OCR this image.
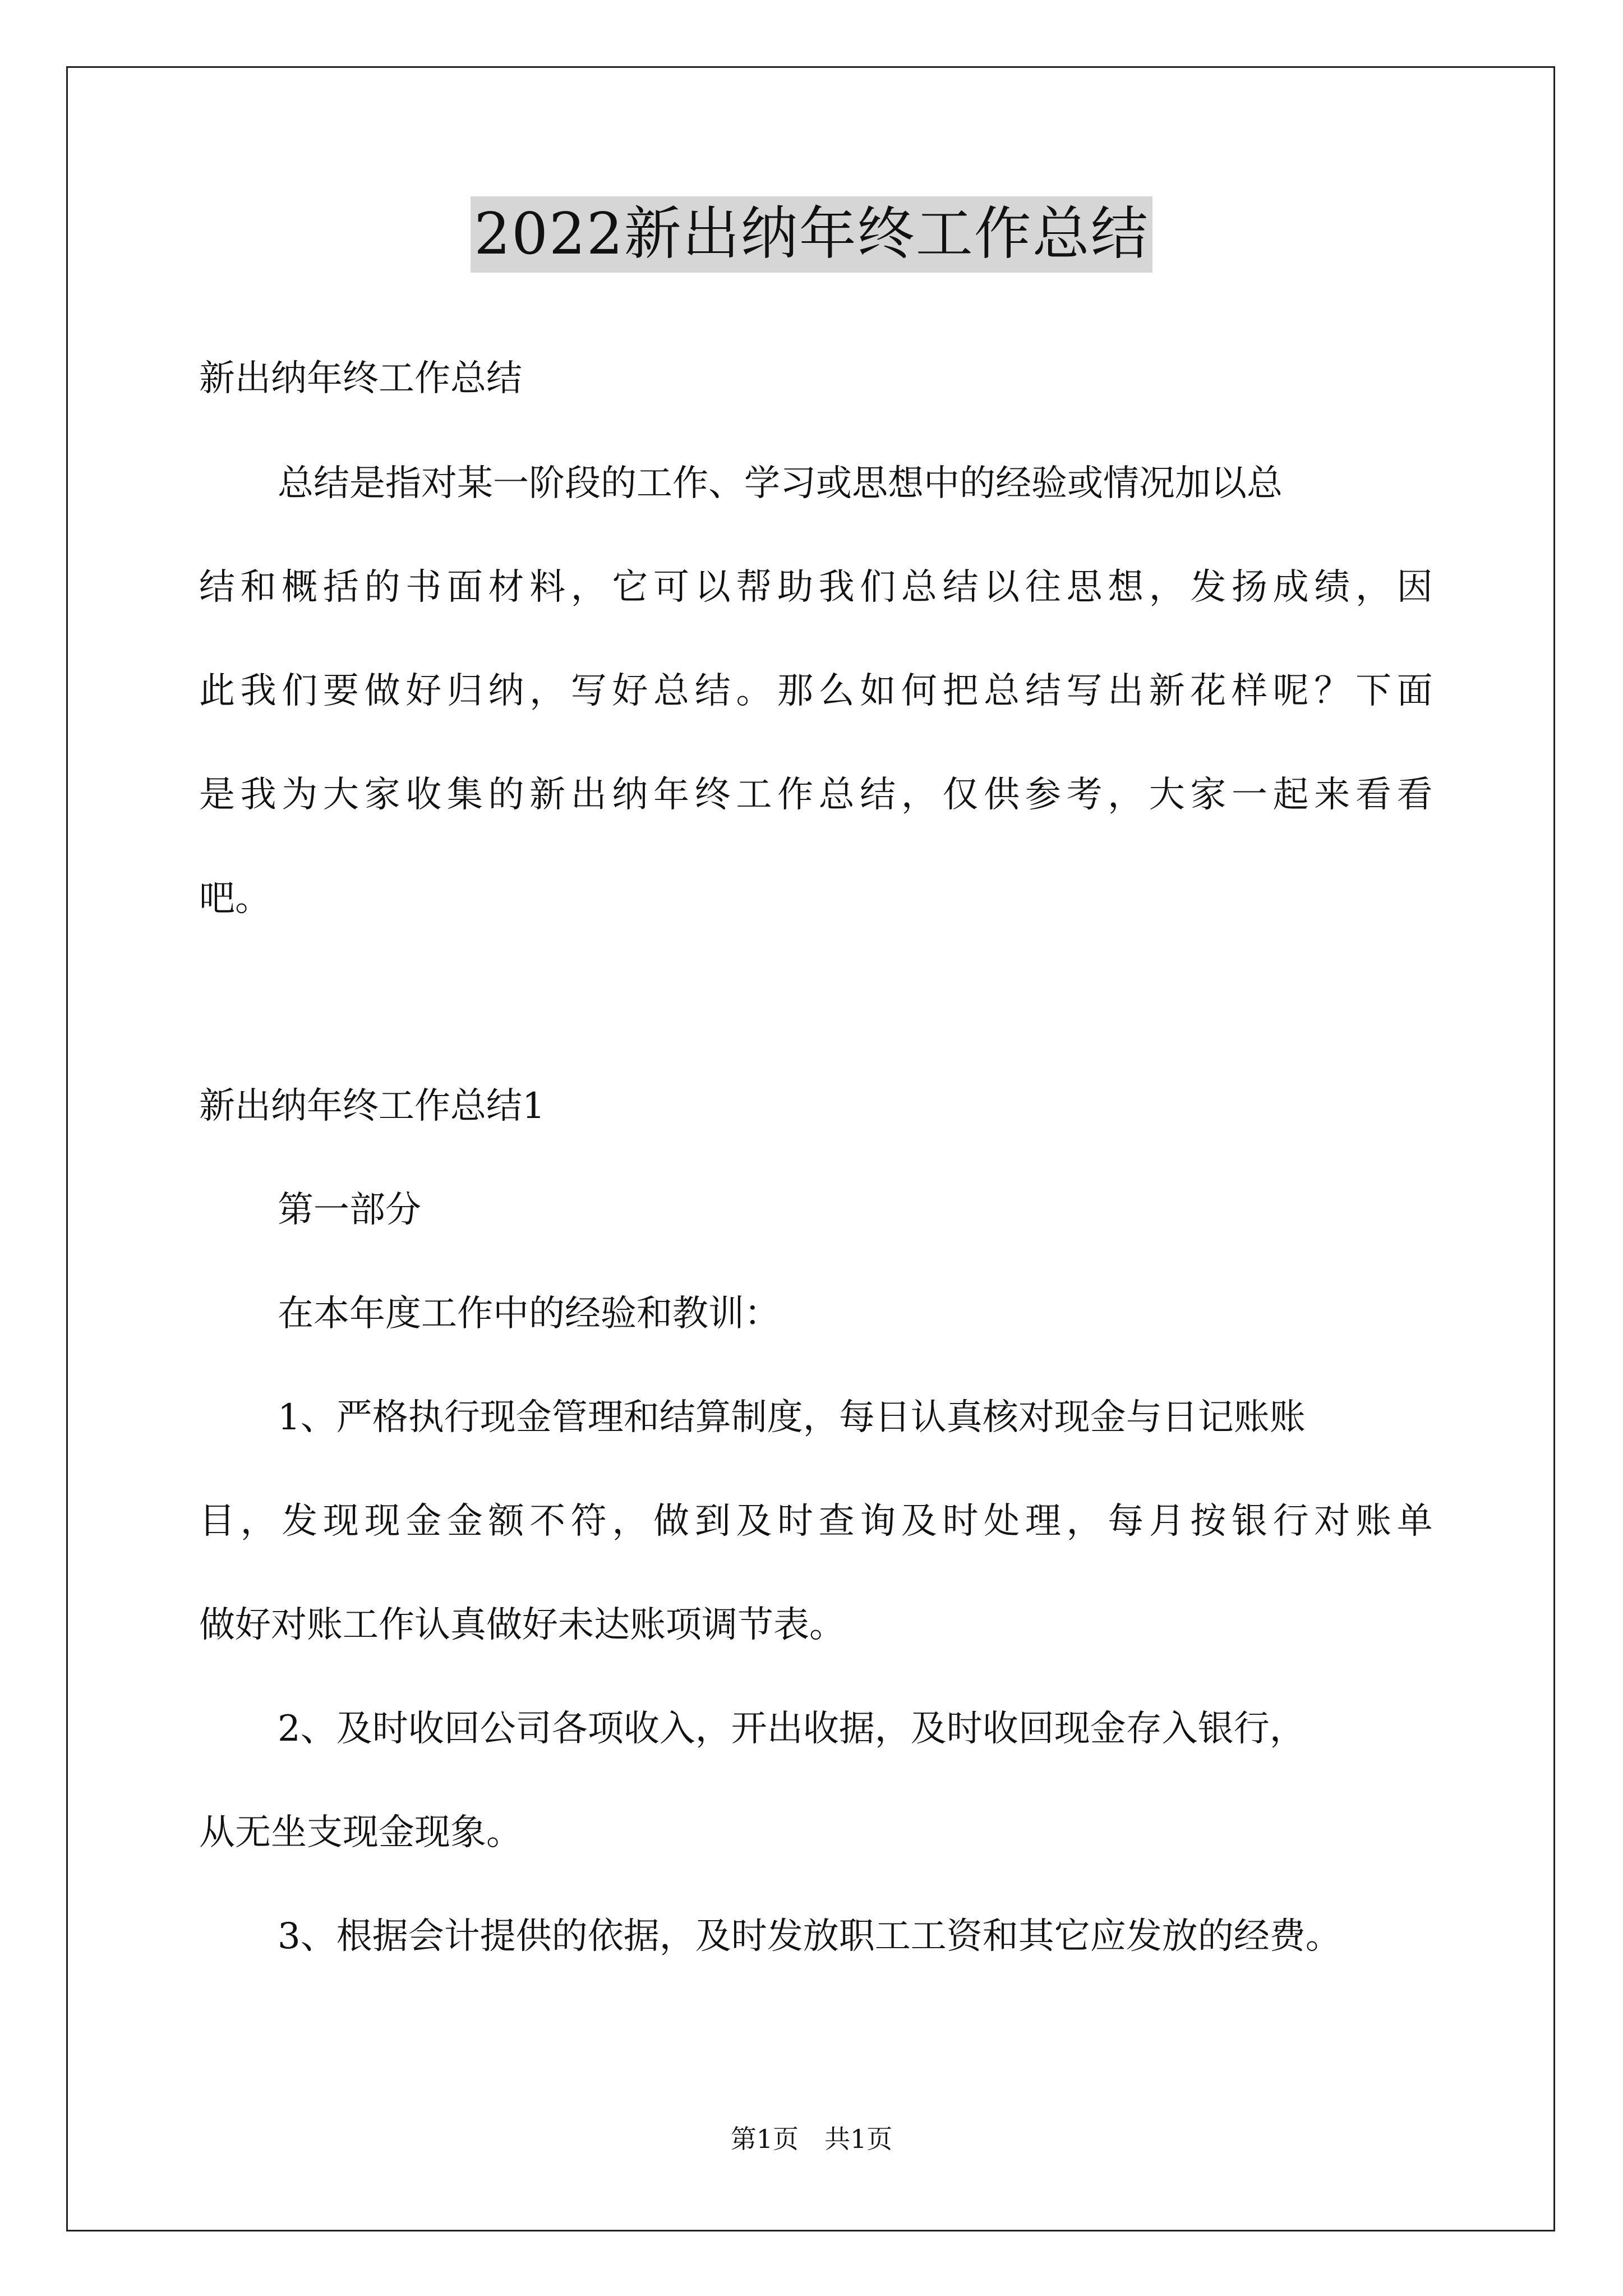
2022新出纳年终工作总结
新出纳年终工作总结
总结是指对某一阶段的工作、学习或思想中的经验或情况加以总
结 和 概 括 的 书 面 材 料 ， 它 可 以 帮 助 我 们 总 结 以 往 思 想 ， 发 扬 成 绩 ， 因
此 我 们 要 做 好 归 纳 ， 写 好 总 结 。 那 么 如 何 把 总 结 写 出 新 花 样 呢 ？ 下 面
是 我 为 大 家 收 集 的 新 出 纳 年 终 工 作 总 结 ， 仅 供 参 考 ， 大 家 一 起 来 看 看
吧。
新出纳年终工作总结1
第一部分
在本年度工作中的经验和教训：
1、严格执行现金管理和结算制度，每日认真核对现金与日记账账
目 ， 发 现 现 金 金 额 不 符 ， 做 到 及 时 查 询 及 时 处 理 ， 每 月 按 银 行 对 账 单
做好对账工作认真做好未达账项调节表。
2、及时收回公司各项收入，开出收据，及时收回现金存入银行，
从无坐支现金现象。
3、根据会计提供的依据，及时发放职工工资和其它应发放的经费。
第1页　共1页
